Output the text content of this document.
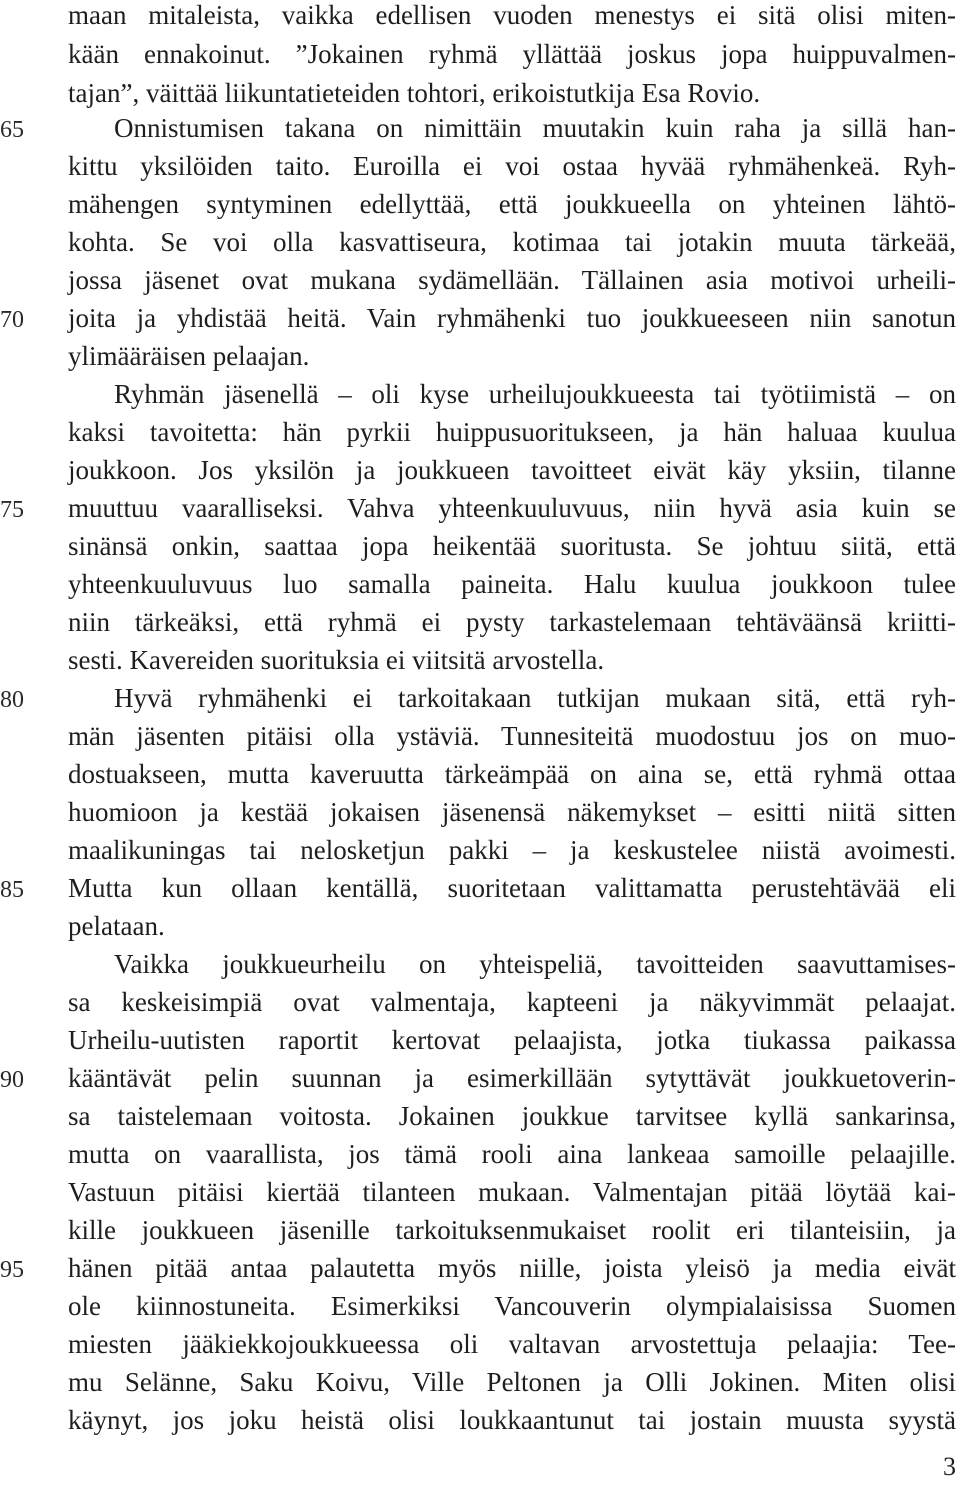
maan mitaleista, vaikka edellisen vuoden menestys ei sitä olisi miten-
kään ennakoinut. ”Jokainen ryhmä yllättää joskus jopa huippuvalmen-
tajan”, väittää liikuntatieteiden tohtori, erikoistutkija Esa Rovio.
Onnistumisen takana on nimittäin muutakin kuin raha ja sillä han-
kittu yksilöiden taito. Euroilla ei voi ostaa hyvää ryhmähenkeä. Ryh-
mähengen syntyminen edellyttää, että joukkueella on yhteinen lähtö-
kohta. Se voi olla kasvattiseura, kotimaa tai jotakin muuta tärkeää,
jossa jäsenet ovat mukana sydämellään. Tällainen asia motivoi urheili-
joita ja yhdistää heitä. Vain ryhmähenki tuo joukkueeseen niin sanotun
ylimääräisen pelaajan.
Ryhmän jäsenellä – oli kyse urheilujoukkueesta tai työtiimistä – on
kaksi tavoitetta: hän pyrkii huippusuoritukseen, ja hän haluaa kuulua
joukkoon. Jos yksilön ja joukkueen tavoitteet eivät käy yksiin, tilanne
muuttuu vaaralliseksi. Vahva yhteenkuuluvuus, niin hyvä asia kuin se
sinänsä onkin, saattaa jopa heikentää suoritusta. Se johtuu siitä, että
yhteenkuuluvuus luo samalla paineita. Halu kuulua joukkoon tulee
niin tärkeäksi, että ryhmä ei pysty tarkastelemaan tehtäväänsä kriitti-
sesti. Kavereiden suorituksia ei viitsitä arvostella.
Hyvä ryhmähenki ei tarkoitakaan tutkijan mukaan sitä, että ryh-
män jäsenten pitäisi olla ystäviä. Tunnesiteitä muodostuu jos on muo-
dostuakseen, mutta kaveruutta tärkeämpää on aina se, että ryhmä ottaa
huomioon ja kestää jokaisen jäsenensä näkemykset – esitti niitä sitten
maalikuningas tai nelosketjun pakki – ja keskustelee niistä avoimesti.
Mutta kun ollaan kentällä, suoritetaan valittamatta perustehtävää eli
pelataan.
Vaikka joukkueurheilu on yhteispeliä, tavoitteiden saavuttamises-
sa keskeisimpiä ovat valmentaja, kapteeni ja näkyvimmät pelaajat.
Urheilu-uutisten raportit kertovat pelaajista, jotka tiukassa paikassa
kääntävät pelin suunnan ja esimerkillään sytyttävät joukkuetoverin-
sa taistelemaan voitosta. Jokainen joukkue tarvitsee kyllä sankarinsa,
mutta on vaarallista, jos tämä rooli aina lankeaa samoille pelaajille.
Vastuun pitäisi kiertää tilanteen mukaan. Valmentajan pitää löytää kai-
kille joukkueen jäsenille tarkoituksenmukaiset roolit eri tilanteisiin, ja
hänen pitää antaa palautetta myös niille, joista yleisö ja media eivät
ole kiinnostuneita. Esimerkiksi Vancouverin olympialaisissa Suomen
miesten jääkiekkojoukkueessa oli valtavan arvostettuja pelaajia: Tee-
mu Selänne, Saku Koivu, Ville Peltonen ja Olli Jokinen. Miten olisi
käynyt, jos joku heistä olisi loukkaantunut tai jostain muusta syystä
65
70
75
80
85
90
95
3
